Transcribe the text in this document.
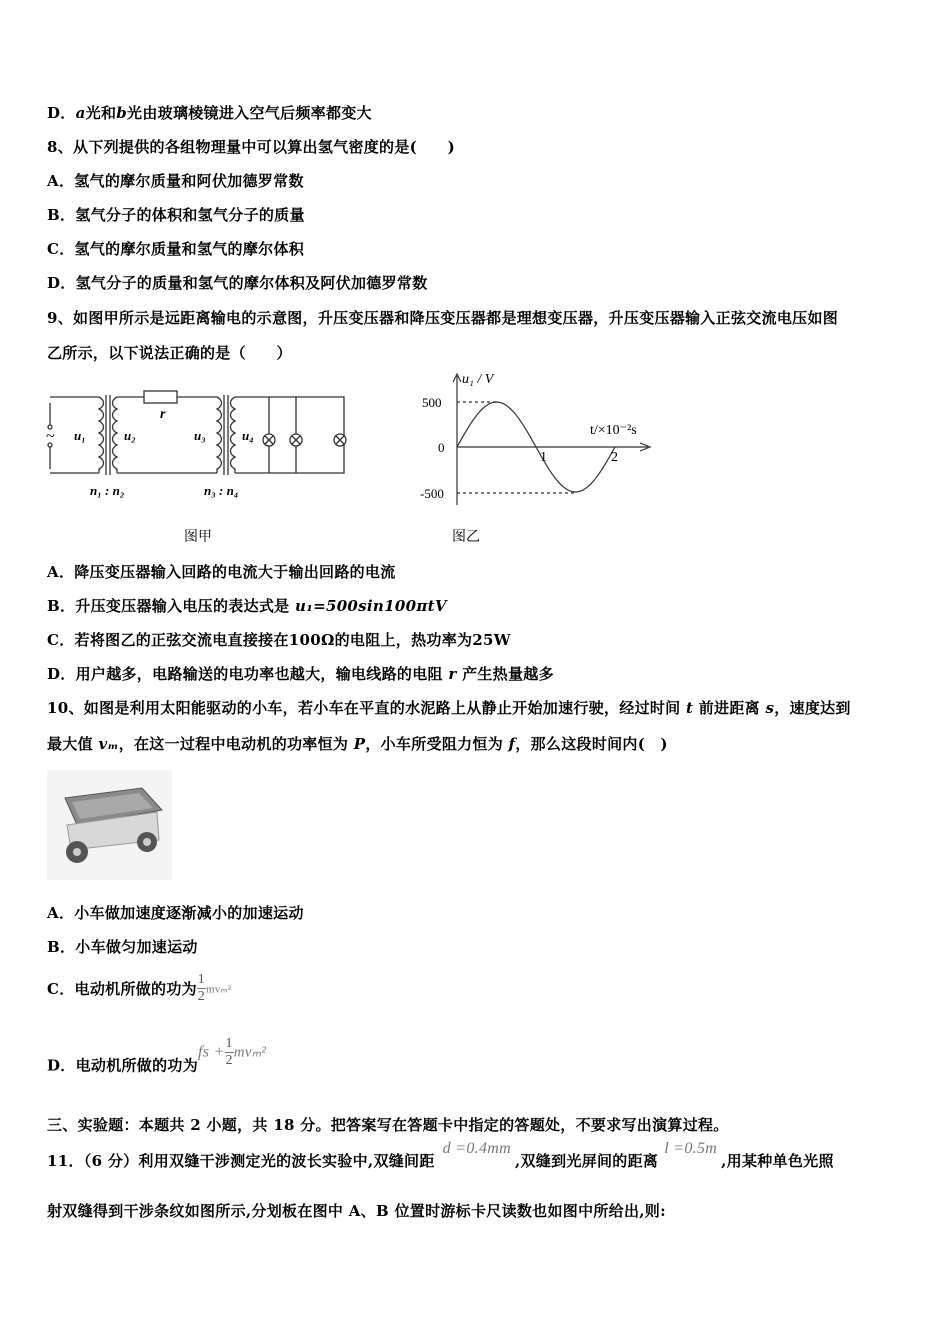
D．a光和b光由玻璃棱镜进入空气后频率都变大
8、从下列提供的各组物理量中可以算出氢气密度的是(　　)
A．氢气的摩尔质量和阿伏加德罗常数
B．氢气分子的体积和氢气分子的质量
C．氢气的摩尔质量和氢气的摩尔体积
D．氢气分子的质量和氢气的摩尔体积及阿伏加德罗常数
9、如图甲所示是远距离输电的示意图，升压变压器和降压变压器都是理想变压器，升压变压器输入正弦交流电压如图
乙所示，以下说法正确的是（　　）
r
~ u₁	u₂	u₃	u₄
n₁ : n₂	n₃ : n₄
图甲
u₁ / V
t/×10⁻²s
500
0
-500
1	2
图乙
A．降压变压器输入回路的电流大于输出回路的电流
B．升压变压器输入电压的表达式是 u₁=500sin100πtV
C．若将图乙的正弦交流电直接接在100Ω的电阻上，热功率为25W
D．用户越多，电路输送的电功率也越大，输电线路的电阻 r 产生热量越多
10、如图是利用太阳能驱动的小车，若小车在平直的水泥路上从静止开始加速行驶，经过时间 t 前进距离 s，速度达到
最大值 vₘ，在这一过程中电动机的功率恒为 P，小车所受阻力恒为 f，那么这段时间内(　)
A．小车做加速度逐渐减小的加速运动
B．小车做匀加速运动
C．电动机所做的功为 $\frac{1}{2} mv_m^2$
D．电动机所做的功为fs + $\frac{1}{2} mv_m^2$
三、实验题：本题共 2 小题，共 18 分。把答案写在答题卡中指定的答题处，不要求写出演算过程。
11．（6 分）利用双缝干涉测定光的波长实验中,双缝间距d =0.4mm,双缝到光屏间的距离l =0.5m,用某种单色光照
射双缝得到干涉条纹如图所示,分划板在图中 A、B 位置时游标卡尺读数也如图中所给出,则:
